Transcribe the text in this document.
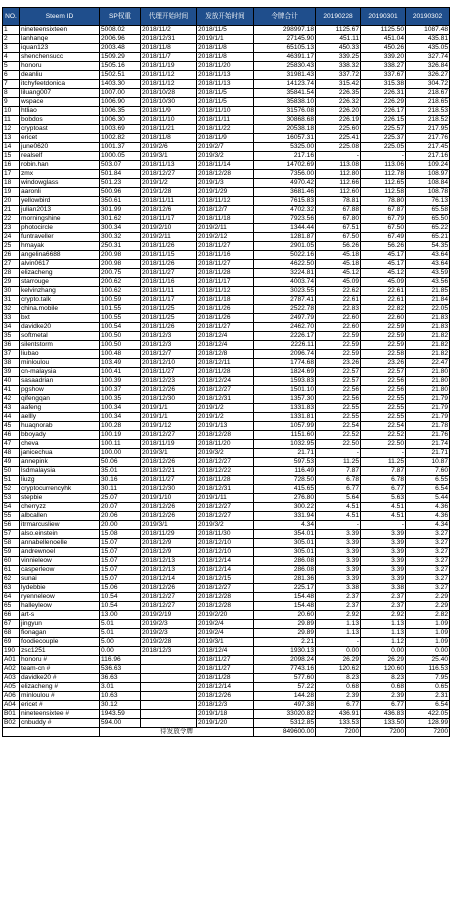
NO.	Steem ID	SP权重	代理开始时间	发放开始时间	令牌合计	20190228	20190301	20190302
1	nineteensixteen	5008.02	2018/11/2	2018/11/5	298997.18	1125.67	1125.50	1087.48
2	lanhanqe	2006.96	2018/12/31	2019/1/1	27145.90	451.11	451.04	435.81
3	iquan123	2003.48	2018/11/8	2018/11/8	65105.13	450.33	450.26	435.05
4	shenchensucc	1509.29	2018/11/7	2018/11/8	46391.17	339.25	339.20	327.74
5	honoru	1505.16	2018/11/19	2018/11/20	25830.43	338.32	338.27	326.84
6	deanliu	1502.51	2018/11/12	2018/11/13	31981.43	337.72	337.67	326.27
7	itchyfeetdonica	1403.30	2018/11/12	2018/11/13	14123.74	315.42	315.38	304.72
8	liluang007	1007.00	2018/10/28	2018/11/5	35841.54	226.35	226.31	218.67
9	wspace	1006.90	2018/10/30	2018/11/5	35838.10	226.32	226.29	218.65
10	htliao	1006.35	2018/11/9	2018/11/10	31576.08	226.20	226.17	218.53
11	bobdos	1006.30	2018/11/10	2018/11/11	30868.68	226.19	226.15	218.52
12	cryptoast	1003.69	2018/11/21	2018/11/22	20538.18	225.60	225.57	217.95
13	ericet	1002.82	2018/11/8	2018/11/9	16057.31	225.41	225.37	217.76
14	june0620	1001.37	2019/2/6	2019/2/7	5325.00	225.08	225.05	217.45
15	realself	1000.05	2019/3/1	2019/3/2	217.16	-	-	217.16
16	robin.han	503.07	2018/11/13	2018/11/14	14702.69	113.08	113.06	109.24
17	zmx	501.84	2018/12/27	2018/12/28	7356.00	112.80	112.78	108.97
18	windowglass	501.23	2019/1/2	2019/1/3	4970.42	112.66	112.65	108.84
19	aaronli	500.96	2019/1/28	2019/1/29	3681.46	112.60	112.58	108.78
20	yellowbird	350.61	2018/11/11	2018/11/12	7615.83	78.81	78.80	76.13
21	julian2013	301.99	2018/12/6	2018/12/7	4702.32	67.88	67.87	65.58
22	morningshine	301.62	2018/11/17	2018/11/18	7923.56	67.80	67.79	65.50
23	photocircle	300.34	2019/2/10	2019/2/11	1344.44	67.51	67.50	65.22
24	funtraveller	300.32	2019/2/11	2019/2/12	1281.87	67.50	67.49	65.21
25	hmayak	250.31	2018/11/26	2018/11/27	2901.05	56.26	56.26	54.35
26	angelina6688	200.98	2018/11/15	2018/11/16	5022.16	45.18	45.17	43.64
27	alvin0617	200.98	2018/11/26	2018/11/27	4622.50	45.18	45.17	43.64
28	elizacheng	200.75	2018/11/27	2018/11/28	3224.81	45.12	45.12	43.59
29	starrouge	200.62	2018/11/16	2018/11/17	4003.74	45.09	45.09	43.56
30	kelvinzhang	100.62	2018/11/11	2018/11/12	3023.55	22.62	22.61	21.85
31	crypto.talk	100.59	2018/11/17	2018/11/18	2787.41	22.61	22.61	21.84
32	china.mobile	101.55	2018/11/25	2018/11/26	2522.78	22.83	22.82	22.05
33	bxt	100.55	2018/11/25	2018/11/26	2497.79	22.60	22.60	21.83
34	davidke20	100.54	2018/11/26	2018/11/27	2462.70	22.60	22.59	21.83
35	softmetal	100.50	2018/12/3	2018/12/4	2226.17	22.59	22.59	21.82
36	silentstorm	100.50	2018/12/3	2018/12/4	2226.11	22.59	22.59	21.82
37	liubao	100.48	2018/12/7	2018/12/8	2096.74	22.59	22.58	21.82
38	minloulou	103.49	2018/12/10	2018/12/11	1774.68	23.26	23.26	22.47
39	cn-malaysia	100.41	2018/11/27	2018/11/28	1824.69	22.57	22.57	21.80
40	sasaadrian	100.39	2018/12/23	2018/12/24	1593.83	22.57	22.56	21.80
41	pgshow	100.37	2018/12/26	2018/12/27	1501.10	22.56	22.56	21.80
42	qifengqan	100.35	2018/12/30	2018/12/31	1357.30	22.56	22.55	21.79
43	aafeng	100.34	2019/1/1	2019/1/2	1331.83	22.55	22.55	21.79
44	aellly	100.34	2019/1/1	2019/1/2	1331.81	22.55	22.55	21.79
45	huaqnorab	100.28	2019/1/12	2019/1/13	1057.99	22.54	22.54	21.78
46	bboyady	100.19	2018/12/27	2018/12/28	1151.60	22.52	22.52	21.76
47	cheva	100.11	2018/11/19	2018/11/20	1032.95	22.50	22.50	21.74
48	janicechua	100.00	2019/3/1	2019/3/2	21.71	-	-	21.71
49	annepink	50.06	2018/12/26	2018/12/27	597.53	11.25	11.25	10.87
50	lsdmalaysia	35.01	2018/12/21	2018/12/22	116.49	7.87	7.87	7.60
51	liuzg	30.16	2018/11/27	2018/11/28	728.50	6.78	6.78	6.55
52	cryptocurrencyhk	30.11	2018/12/30	2018/12/31	415.65	6.77	6.77	6.54
53	stepbie	25.07	2019/1/10	2019/1/11	276.80	5.64	5.63	5.44
54	cherryzz	20.07	2018/12/26	2018/12/27	300.22	4.51	4.51	4.36
55	albcallen	20.06	2018/12/26	2018/12/27	331.94	4.51	4.51	4.36
56	itrmarcusliew	20.00	2019/3/1	2019/3/2	4.34	-	-	4.34
57	also.einstein	15.08	2018/11/29	2018/11/30	354.01	3.39	3.39	3.27
58	annabellenoelle	15.07	2018/12/9	2018/12/10	305.01	3.39	3.39	3.27
59	andrewnoel	15.07	2018/12/9	2018/12/10	305.01	3.39	3.39	3.27
60	vinnieleow	15.07	2018/12/13	2018/12/14	286.08	3.39	3.39	3.27
61	casperleow	15.07	2018/12/13	2018/12/14	286.08	3.39	3.39	3.27
62	sunai	15.07	2018/12/14	2018/12/15	281.36	3.39	3.39	3.27
63	lydebbie	15.06	2018/12/26	2018/12/27	225.17	3.38	3.38	3.27
64	ryenneleow	10.54	2018/12/27	2018/12/28	154.48	2.37	2.37	2.29
65	halleyleow	10.54	2018/12/27	2018/12/28	154.48	2.37	2.37	2.29
66	art-s	13.00	2019/2/19	2019/2/20	20.60	2.92	2.92	2.82
67	jingyun	5.01	2019/2/3	2019/2/4	29.89	1.13	1.13	1.09
68	fionagan	5.01	2019/2/3	2019/2/4	29.89	1.13	1.13	1.09
69	foodiecouple	5.00	2019/2/28	2019/3/1	2.21	-	1.12	1.09
190	zsc1251	0.00	2018/12/3	2018/12/4	1930.13	0.00	0.00	0.00
A01	honoru #	116.96		2018/11/27	2098.24	26.29	26.29	25.40
A02	team-cn #	536.63		2018/11/27	7743.16	120.62	120.60	116.53
A03	davidke20 #	36.63		2018/11/28	577.60	8.23	8.23	7.95
A05	elizacheng #	3.01		2018/12/14	57.22	0.68	0.68	0.65
A06	minloulou #	10.63		2018/12/26	144.28	2.39	2.39	2.31
A04	ericet #	30.12		2018/12/3	497.38	6.77	6.77	6.54
B01	nineteensixtee #	1943.59		2019/1/18	33020.82	436.91	436.83	422.05
B02	cnbuddy #	594.00		2019/1/20	5312.85	133.53	133.50	128.99
		待发放令牌			849600.00	7200	7200	7200
